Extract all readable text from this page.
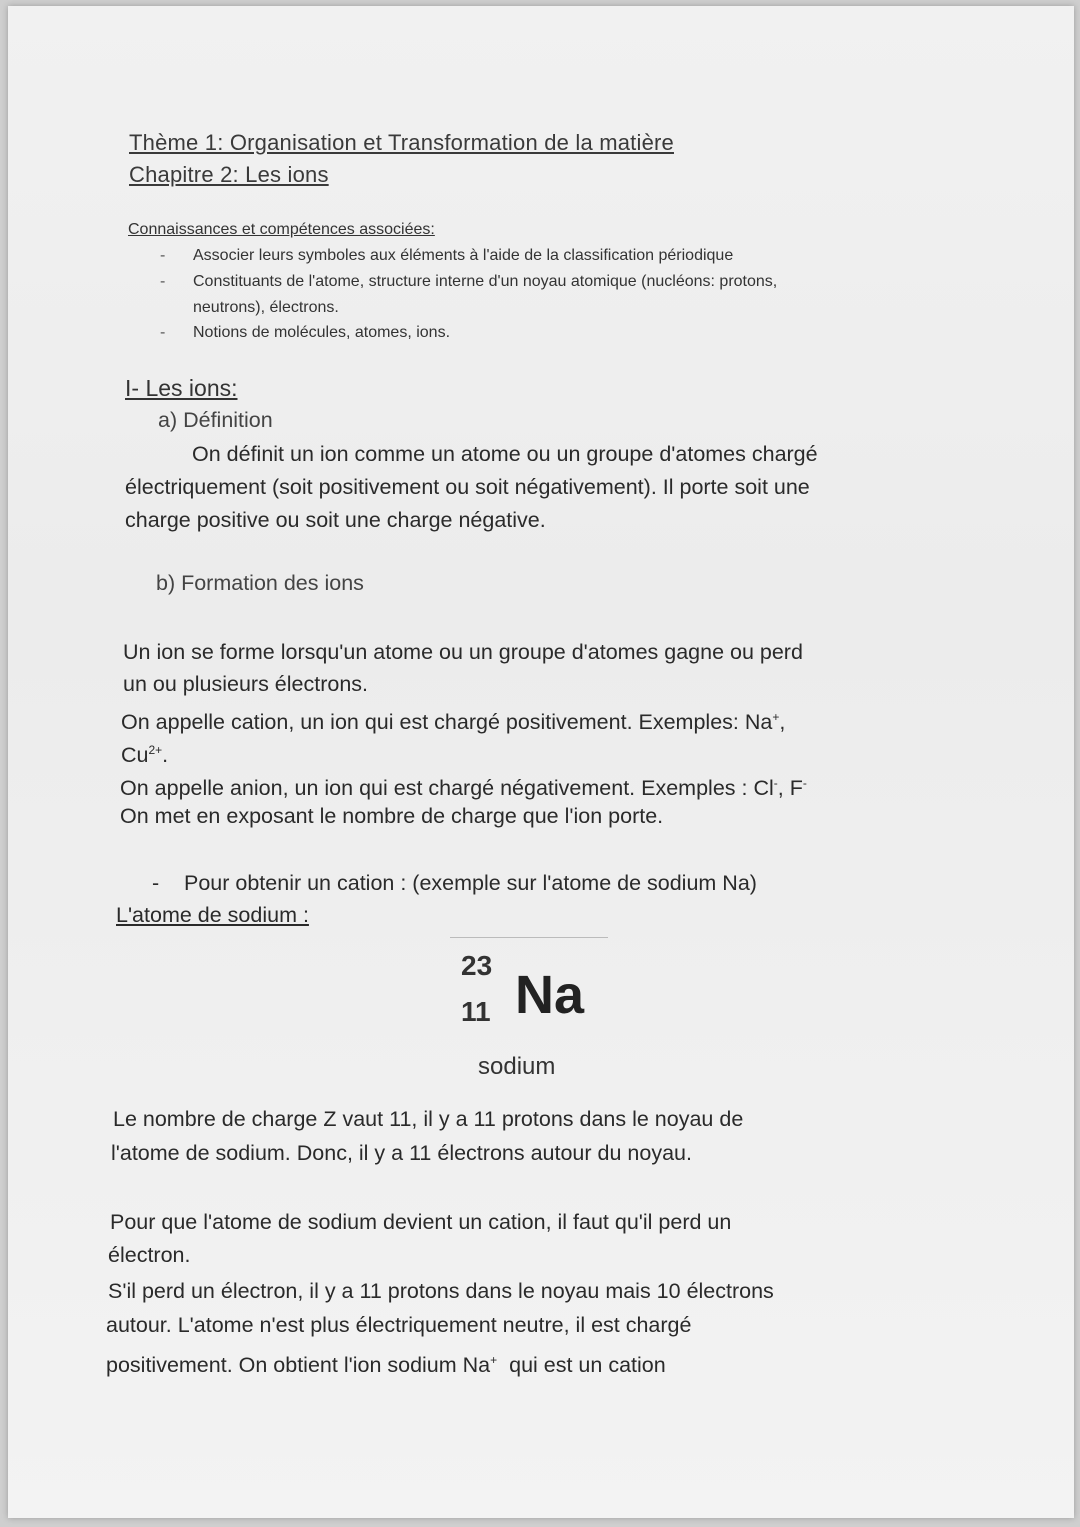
Thème 1: Organisation et Transformation de la matière
Chapitre 2: Les ions
Connaissances et compétences associées:
- Associer leurs symboles aux éléments à l'aide de la classification périodique
- Constituants de l'atome, structure interne d'un noyau atomique (nucléons: protons,
neutrons), électrons.
- Notions de molécules, atomes, ions.
I- Les ions:
a) Définition
On définit un ion comme un atome ou un groupe d'atomes chargé
électriquement (soit positivement ou soit négativement). Il porte soit une
charge positive ou soit une charge négative.
b) Formation des ions
Un ion se forme lorsqu'un atome ou un groupe d'atomes gagne ou perd
un ou plusieurs électrons.
On appelle cation, un ion qui est chargé positivement. Exemples: Na+,
$Cu^{2+}$.
On appelle anion, un ion qui est chargé négativement. Exemples : Cl-, F-
On met en exposant le nombre de charge que l'ion porte.
- Pour obtenir un cation : (exemple sur l'atome de sodium Na)
L'atome de sodium :
23
11 Na
sodium
Le nombre de charge Z vaut 11, il y a 11 protons dans le noyau de
l'atome de sodium. Donc, il y a 11 électrons autour du noyau.
Pour que l'atome de sodium devient un cation, il faut qu'il perd un
électron.
S'il perd un électron, il y a 11 protons dans le noyau mais 10 électrons
autour. L'atome n'est plus électriquement neutre, il est chargé
positivement. On obtient l'ion sodium Na+ qui est un cation
